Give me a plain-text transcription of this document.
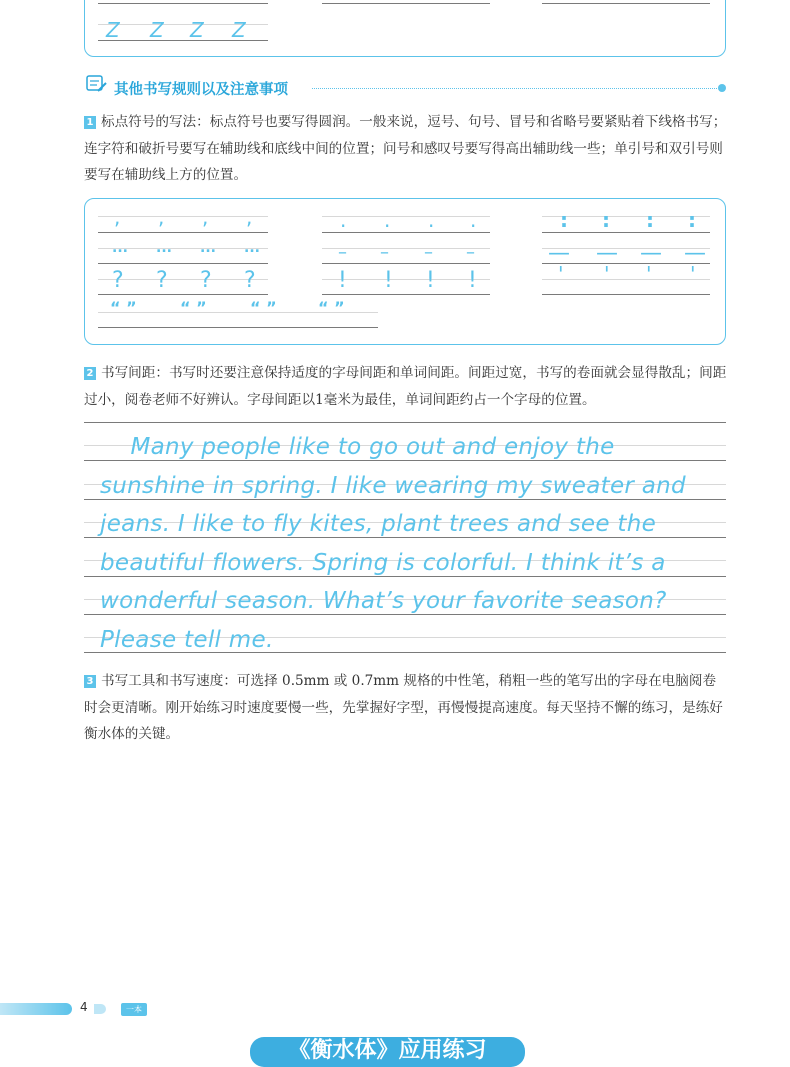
Z Z Z Z
其他书写规则以及注意事项
1 标点符号的写法：标点符号也要写得圆润。一般来说，逗号、句号、冒号和省略号要紧贴着下线格书写；连字符和破折号要写在辅助线和底线中间的位置；问号和感叹号要写得高出辅助线一些；单引号和双引号则要写在辅助线上方的位置。
, , , ,
... ... ... ...
? ? ? ?
“ ”	“ ”	“ ”	“ ”
. . . .
– – – –
! ! ! !
: : : :
— — — —
' ' ' '
2 书写间距：书写时还要注意保持适度的字母间距和单词间距。间距过宽，书写的卷面就会显得散乱；间距过小，阅卷老师不好辨认。字母间距以1毫米为最佳，单词间距约占一个字母的位置。
Many people like to go out and enjoy the
sunshine in spring. I like wearing my sweater and
jeans. I like to fly kites, plant trees and see the
beautiful flowers. Spring is colorful. I think it’s a
wonderful season. What’s your favorite season?
Please tell me.
3 书写工具和书写速度：可选择 0.5mm 或 0.7mm 规格的中性笔，稍粗一些的笔写出的字母在电脑阅卷时会更清晰。刚开始练习时速度要慢一些，先掌握好字型，再慢慢提高速度。每天坚持不懈的练习，是练好衡水体的关键。
4	一本
《衡水体》应用练习
